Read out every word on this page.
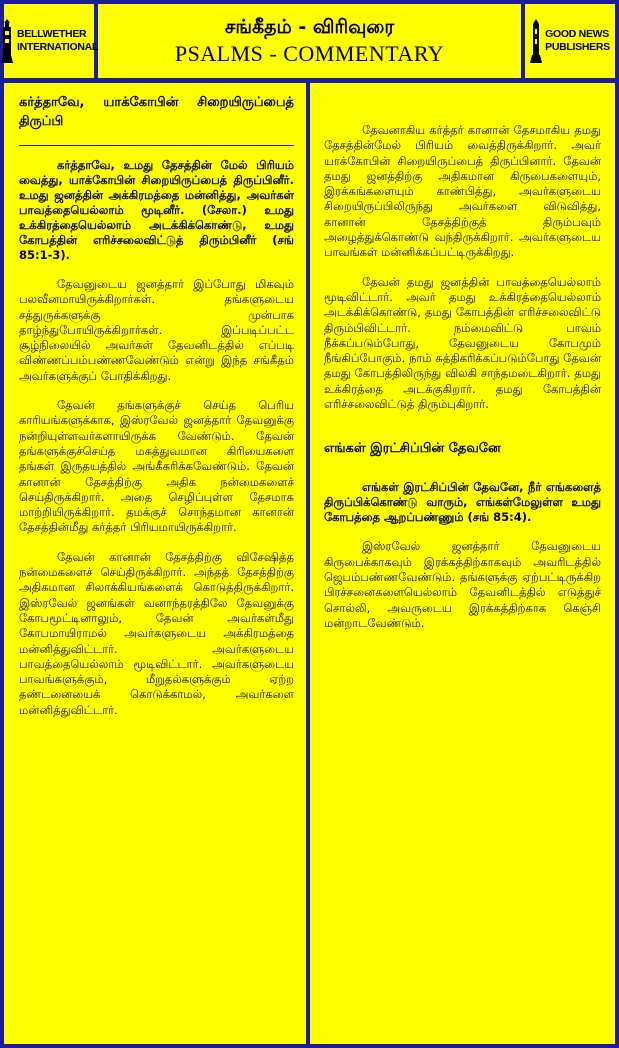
BELLWETHER
INTERNATIONAL
சங்கீதம் - விரிவுரை
PSALMS - COMMENTARY
GOOD NEWS
PUBLISHERS
கர்த்தாவே, யாக்கோபின் சிறையிருப்பைத் திருப்பி

கர்த்தாவே, உமது தேசத்தின் மேல் பிரியம் வைத்து, யாக்கோபின் சிறையிருப்பைத் திருப்பினீர். உமது ஜனத்தின் அக்கிரமத்தை மன்னித்து, அவர்கள் பாவத்தையெல்லாம் மூடினீர். (சேலா.) உமது உக்கிரத்தையெல்லாம் அடக்கிக்கொண்டு, உமது கோபத்தின் எரிச்சலைவிட்டுத் திரும்பினீர் (சங் 85:1-3).

தேவனுடைய ஜனத்தார் இப்போது மிகவும் பலவீனமாயிருக்கிறார்கள். தங்களுடைய சத்துருக்களுக்கு முன்பாக தாழ்ந்துபோயிருக்கிறார்கள். இப்படிப்பட்ட சூழ்நிலையில் அவர்கள் தேவனிடத்தில் எப்படி விண்ணப்பம்பண்ணவேண்டும் என்று இந்த சங்கீதம் அவர்களுக்குப் போதிக்கிறது.

தேவன் தங்களுக்குச் செய்த பெரிய காரியங்களுக்காக, இஸ்ரவேல் ஜனத்தார் தேவனுக்கு நன்றியுள்ளவர்களாயிருக்க வேண்டும். தேவன் தங்களுக்குச்செய்த மகத்துவமான கிரியைகளை தங்கள் இருதயத்தில் அங்கீகரிக்கவேண்டும். தேவன் கானான் தேசத்திற்கு அதிக நன்மைகளைச் செய்திருக்கிறார். அதை செழிப்புள்ள தேசமாக மாற்றியிருக்கிறார். தமக்குச் சொந்தமான கானான் தேசத்தின்மீது கர்த்தர் பிரியமாயிருக்கிறார்.

தேவன் கானான் தேசத்திற்கு விசேஷித்த நன்மைகளைச் செய்திருக்கிறார். அந்தத் தேசத்திற்கு அதிகமான சிலாக்கியங்களைக் கொடுத்திருக்கிறார். இஸ்ரவேல் ஜனங்கள் வனாந்தரத்திலே தேவனுக்கு கோபமூட்டினாலும், தேவன் அவர்கள்மீது கோபமாயிராமல் அவர்களுடைய அக்கிரமத்தை மன்னித்துவிட்டார். அவர்களுடைய பாவத்தையெல்லாம் மூடிவிட்டார். அவர்களுடைய பாவங்களுக்கும், மீறுதல்களுக்கும் ஏற்ற தண்டனையைக் கொடுக்காமல், அவர்களை மன்னித்துவிட்டார்.

தேவனாகிய கர்த்தர் கானான் தேசமாகிய தமது தேசத்தின்மேல் பிரியம் வைத்திருக்கிறார். அவர் யாக்கோபின் சிறையிருப்பைத் திருப்பினார். தேவன் தமது ஜனத்திற்கு அதிகமான கிருபைகளையும், இரக்கங்களையும் காண்பித்து, அவர்களுடைய சிறையிருப்பிலிருந்து அவர்களை விடுவித்து, கானான் தேசத்திற்குத் திரும்பவும் அழைத்துக்கொண்டு வந்திருக்கிறார். அவர்களுடைய பாவங்கள் மன்னிக்கப்பட்டிருக்கிறது.

தேவன் தமது ஜனத்தின் பாவத்தையெல்லாம் மூடிவிட்டார். அவர் தமது உக்கிரத்தையெல்லாம் அடக்கிக்கொண்டு, தமது கோபத்தின் எரிச்சலைவிட்டு திரும்பிவிட்டார். நம்மைவிட்டு பாவம் நீக்கப்படும்போது, தேவனுடைய கோபமும் நீங்கிப்போகும். நாம் சுத்திகரிக்கப்படும்போது தேவன் தமது கோபத்திலிருந்து விலகி சாந்தமடைகிறார். தமது உக்கிரத்தை அடக்குகிறார். தமது கோபத்தின் எரிச்சலைவிட்டுத் திரும்புகிறார்.

எங்கள் இரட்சிப்பின் தேவனே

எங்கள் இரட்சிப்பின் தேவனே, நீர் எங்களைத் திருப்பிக்கொண்டு வாரும், எங்கள்மேலுள்ள உமது கோபத்தை ஆறப்பண்ணும் (சங் 85:4).

இஸ்ரவேல் ஜனத்தார் தேவனுடைய கிருபைக்காகவும் இரக்கத்திற்காகவும் அவரிடத்தில் ஜெபம்பண்ணவேண்டும். தங்களுக்கு ஏற்பட்டிருக்கிற பிரச்சனைகளையெல்லாம் தேவனிடத்தில் எடுத்துச் சொல்லி, அவருடைய இரக்கத்திற்காக கெஞ்சி மன்றாடவேண்டும்.
